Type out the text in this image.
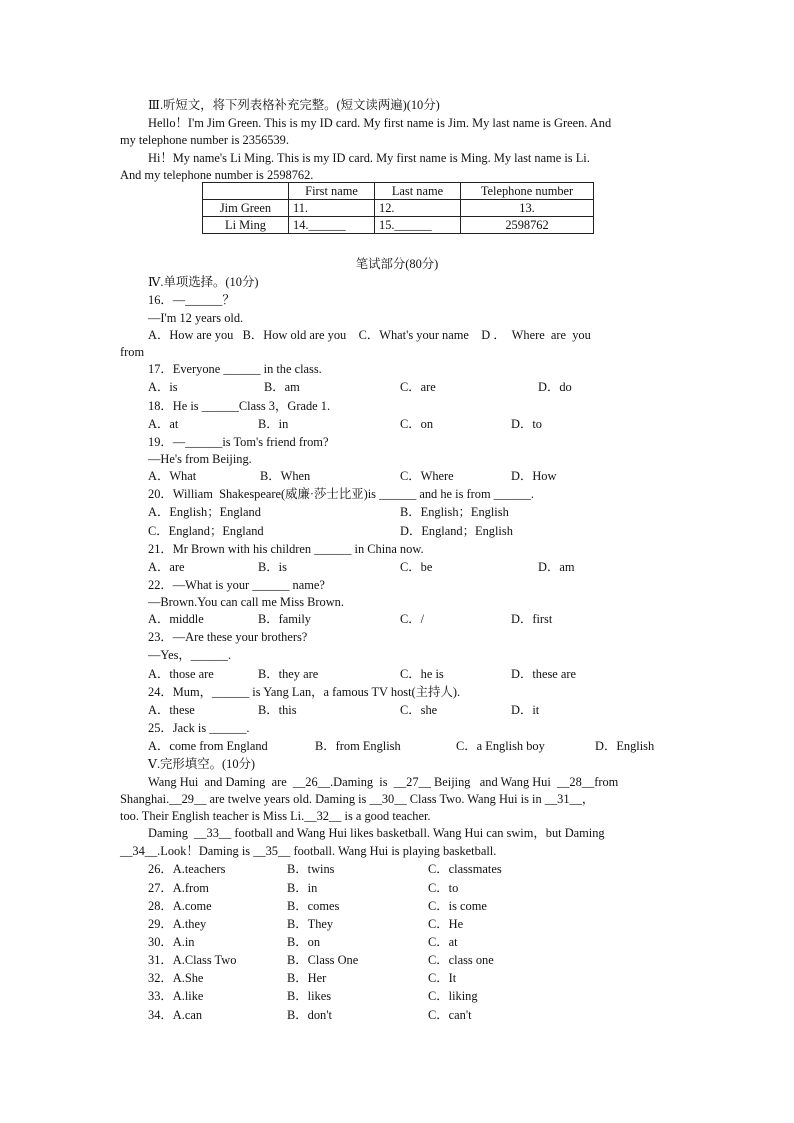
Ⅲ.听短文，将下列表格补充完整。(短文读两遍)(10分)
Hello！I'm Jim Green. This is my ID card. My first name is Jim. My last name is Green. And
my telephone number is 2356539.
Hi！My name's Li Ming. This is my ID card. My first name is Ming. My last name is Li.
And my telephone number is 2598762.
	First name	Last name	Telephone number
Jim Green	11.	12.	13.
Li Ming	14.______	15.______	2598762
笔试部分(80分)
Ⅳ.单项选择。(10分)
16．—______？
—I'm 12 years old.
A．How are you   B．How old are you    C．What's your name    D ．  Where  are  you
from
17．Everyone ______ in the class.
A．is	B．am	C．are	D．do
18．He is ______Class 3，Grade 1.
A．at	B．in	C．on	D．to
19．—______is Tom's friend from?
—He's from Beijing.
A．What	B．When	C．Where	D．How
20．William  Shakespeare(威廉·莎士比亚)is ______ and he is from ______.
A．English；England	B．English；English
C．England；England	D．England；English
21．Mr Brown with his children ______ in China now.
A．are	B．is	C．be	D．am
22．—What is your ______ name?
—Brown.You can call me Miss Brown.
A．middle	B．family	C．/	D．first
23．—Are these your brothers?
—Yes，______.
A．those are	B．they are	C．he is	D．these are
24．Mum，______ is Yang Lan，a famous TV host(主持人).
A．these	B．this	C．she	D．it
25．Jack is ______.
A．come from England	B．from English	C．a English boy	D．English
Ⅴ.完形填空。(10分)
Wang Hui  and Daming  are  __26__.Daming  is  __27__ Beijing   and Wang Hui  __28__from
Shanghai.__29__ are twelve years old. Daming is __30__ Class Two. Wang Hui is in __31__，
too. Their English teacher is Miss Li.__32__ is a good teacher.
Daming  __33__ football and Wang Hui likes basketball. Wang Hui can swim，but Daming
__34__.Look！Daming is __35__ football. Wang Hui is playing basketball.
26．A.teachers	B．twins	C．classmates
27．A.from	B．in	C．to
28．A.come	B．comes	C．is come
29．A.they	B．They	C．He
30．A.in	B．on	C．at
31．A.Class Two	B．Class One	C．class one
32．A.She	B．Her	C．It
33．A.like	B．likes	C．liking
34．A.can	B．don't	C．can't
